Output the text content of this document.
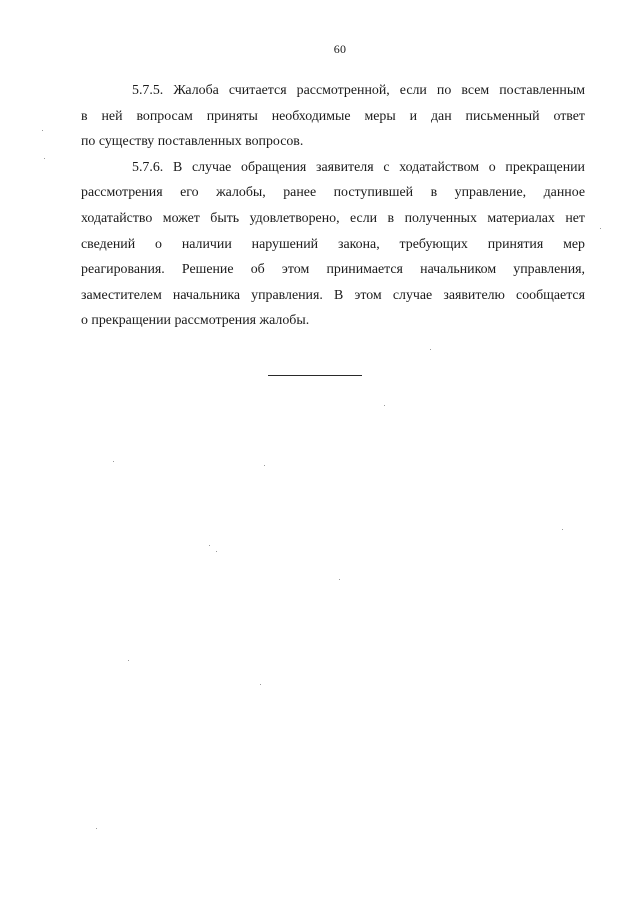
60

5.7.5. Жалоба считается рассмотренной, если по всем поставленным
в ней вопросам приняты необходимые меры и дан письменный ответ
по существу поставленных вопросов.

5.7.6. В случае обращения заявителя с ходатайством о прекращении
рассмотрения его жалобы, ранее поступившей в управление, данное
ходатайство может быть удовлетворено, если в полученных материалах нет
сведений о наличии нарушений закона, требующих принятия мер
реагирования. Решение об этом принимается начальником управления,
заместителем начальника управления. В этом случае заявителю сообщается
о прекращении рассмотрения жалобы.
